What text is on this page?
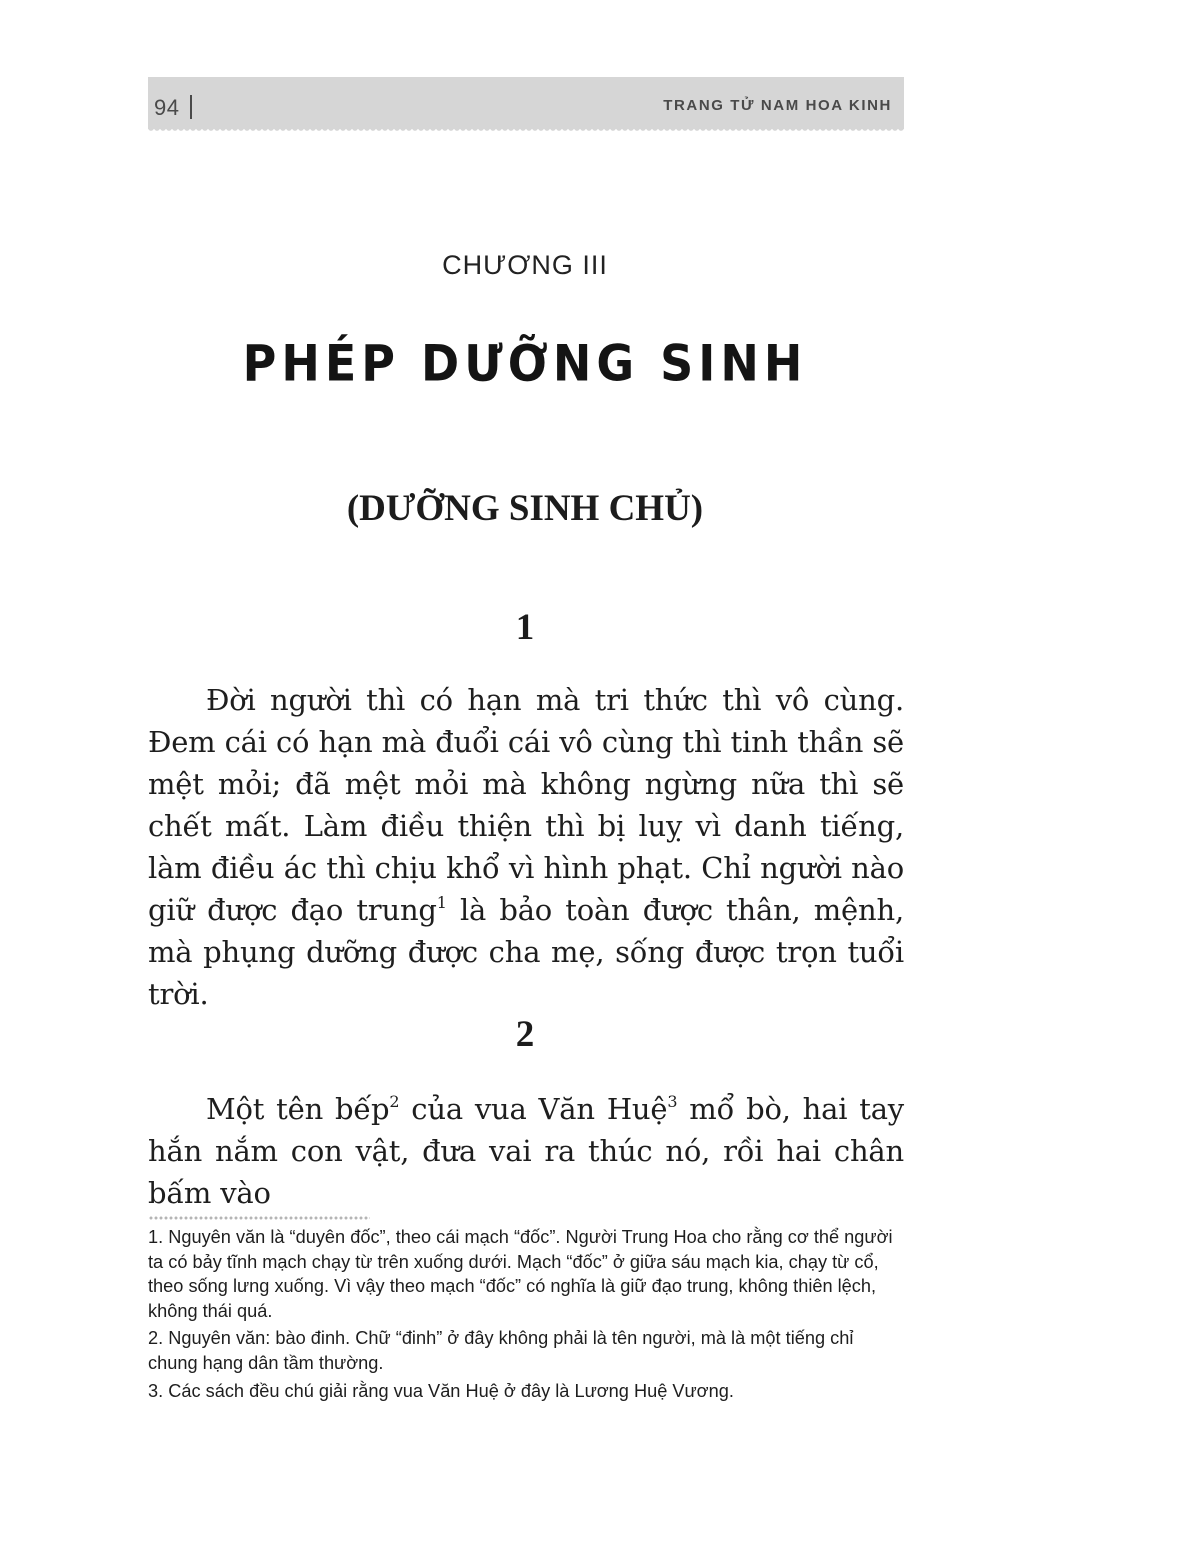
94	TRANG TỬ NAM HOA KINH
CHƯƠNG III
PHÉP DƯỠNG SINH
(DƯỠNG SINH CHỦ)
1

Đời người thì có hạn mà tri thức thì vô cùng. Đem cái có hạn mà đuổi cái vô cùng thì tinh thần sẽ mệt mỏi; đã mệt mỏi mà không ngừng nữa thì sẽ chết mất. Làm điều thiện thì bị luỵ vì danh tiếng, làm điều ác thì chịu khổ vì hình phạt. Chỉ người nào giữ được đạo trung$^1$ là bảo toàn được thân, mệnh, mà phụng dưỡng được cha mẹ, sống được trọn tuổi trời.

2

Một tên bếp$^2$ của vua Văn Huệ$^3$ mổ bò, hai tay hắn nắm con vật, đưa vai ra thúc nó, rồi hai chân bấm vào

1. Nguyên văn là “duyên đốc”, theo cái mạch “đốc”. Người Trung Hoa cho rằng cơ thể người ta có bảy tĩnh mạch chạy từ trên xuống dưới. Mạch “đốc” ở giữa sáu mạch kia, chạy từ cổ, theo sống lưng xuống. Vì vậy theo mạch “đốc” có nghĩa là giữ đạo trung, không thiên lệch, không thái quá.

2. Nguyên văn: bào đinh. Chữ “đinh” ở đây không phải là tên người, mà là một tiếng chỉ chung hạng dân tầm thường.

3. Các sách đều chú giải rằng vua Văn Huệ ở đây là Lương Huệ Vương.
